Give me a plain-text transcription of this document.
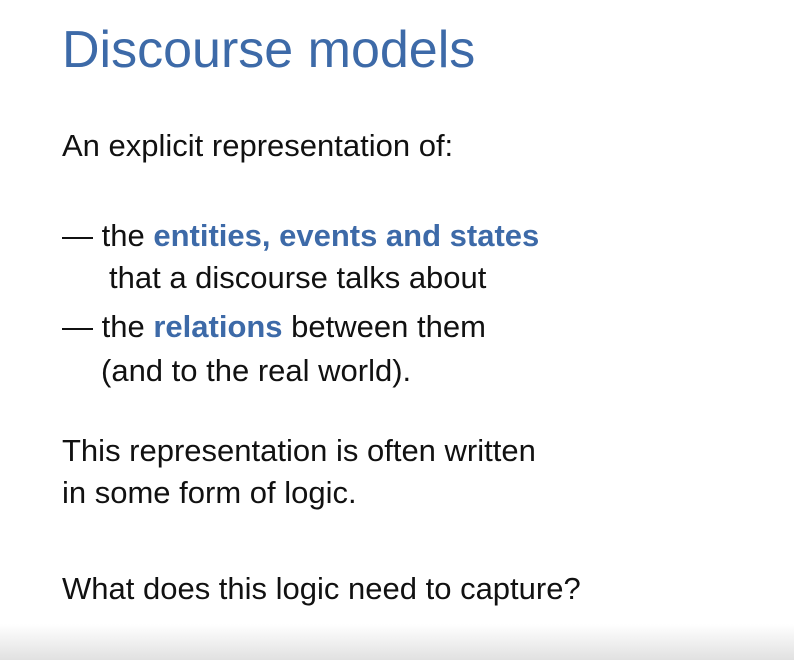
Discourse models
An explicit representation of:
— the entities, events and states
that a discourse talks about
— the relations between them
(and to the real world).
This representation is often written
in some form of logic.
What does this logic need to capture?
